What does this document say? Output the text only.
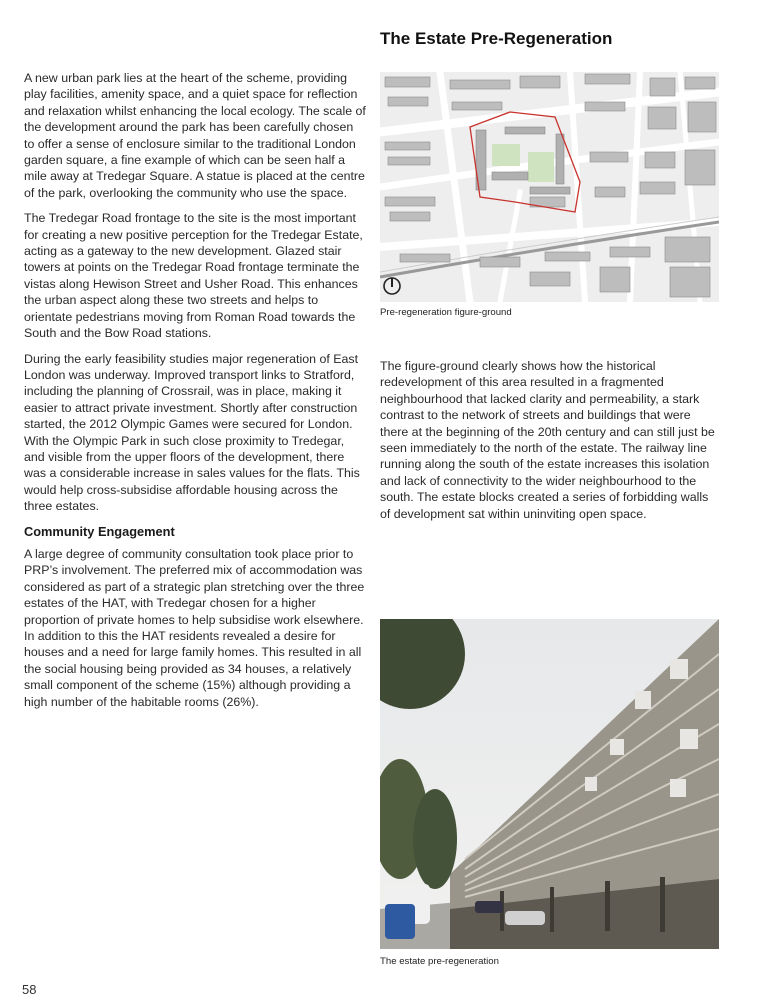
A new urban park lies at the heart of the scheme, providing play facilities, amenity space, and a quiet space for reflection and relaxation whilst enhancing the local ecology. The scale of the development around the park has been carefully chosen to offer a sense of enclosure similar to the traditional London garden square, a fine example of which can be seen half a mile away at Tredegar Square. A statue is placed at the centre of the park, overlooking the community who use the space.

The Tredegar Road frontage to the site is the most important for creating a new positive perception for the Tredegar Estate, acting as a gateway to the new development. Glazed stair towers at points on the Tredegar Road frontage terminate the vistas along Hewison Street and Usher Road. This enhances the urban aspect along these two streets and helps to orientate pedestrians moving from Roman Road towards the South and the Bow Road stations.

During the early feasibility studies major regeneration of East London was underway. Improved transport links to Stratford, including the planning of Crossrail, was in place, making it easier to attract private investment. Shortly after construction started, the 2012 Olympic Games were secured for London. With the Olympic Park in such close proximity to Tredegar, and visible from the upper floors of the development, there was a considerable increase in sales values for the flats. This would help cross-subsidise affordable housing across the three estates.

Community Engagement

A large degree of community consultation took place prior to PRP’s involvement. The preferred mix of accommodation was considered as part of a strategic plan stretching over the three estates of the HAT, with Tredegar chosen for a higher proportion of private homes to help subsidise work elsewhere. In addition to this the HAT residents revealed a desire for houses and a need for large family homes. This resulted in all the social housing being provided as 34 houses, a relatively small component of the scheme (15%) although providing a high number of the habitable rooms (26%).

The Estate Pre-Regeneration
Pre-regeneration figure-ground

The figure-ground clearly shows how the historical redevelopment of this area resulted in a fragmented neighbourhood that lacked clarity and permeability, a stark contrast to the network of streets and buildings that were there at the beginning of the 20th century and can still just be seen immediately to the north of the estate. The railway line running along the south of the estate increases this isolation and lack of connectivity to the wider neighbourhood to the south. The estate blocks created a series of forbidding walls of development sat within uninviting open space.

The estate pre-regeneration
58
